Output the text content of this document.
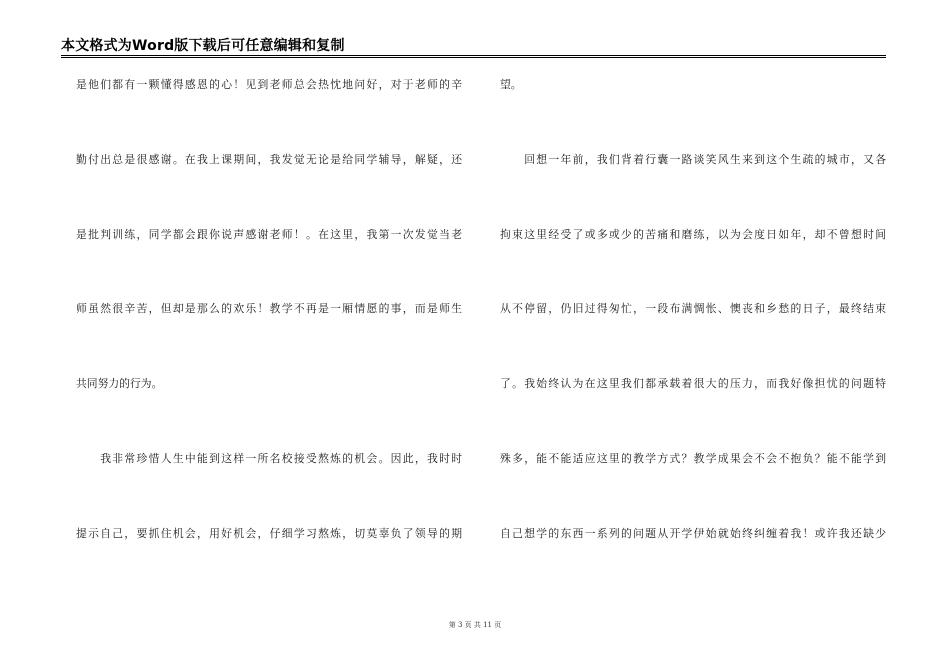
本文格式为Word版下载后可任意编辑和复制
是他们都有一颗懂得感恩的心！见到老师总会热忱地问好，对于老师的辛
勤付出总是很感谢。在我上课期间，我发觉无论是给同学辅导，解疑，还
是批判训练，同学都会跟你说声感谢老师！。在这里，我第一次发觉当老
师虽然很辛苦，但却是那么的欢乐！教学不再是一厢情愿的事，而是师生
共同努力的行为。
　　我非常珍惜人生中能到这样一所名校接受熬炼的机会。因此，我时时
提示自己，要抓住机会，用好机会，仔细学习熬炼，切莫辜负了领导的期
望。
　　回想一年前，我们背着行囊一路谈笑风生来到这个生疏的城市，又各
拘束这里经受了或多或少的苦痛和磨练，以为会度日如年，却不曾想时间
从不停留，仍旧过得匆忙，一段布满惆怅、懊丧和乡愁的日子，最终结束
了。我始终认为在这里我们都承载着很大的压力，而我好像担忧的问题特
殊多，能不能适应这里的教学方式？教学成果会不会不抱负？能不能学到
自己想学的东西一系列的问题从开学伊始就始终纠缠着我！或许我还缺少
第 3 页 共 11 页
